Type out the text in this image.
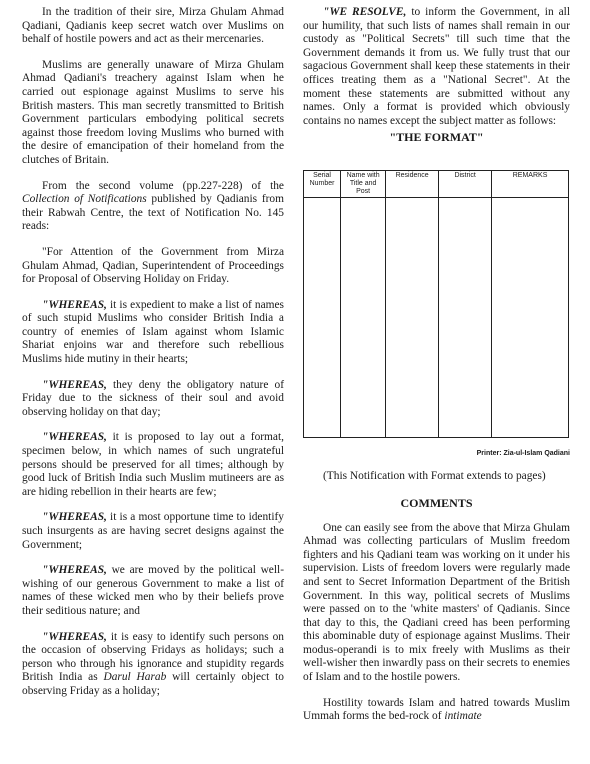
In the tradition of their sire, Mirza Ghulam Ahmad Qadiani, Qadianis keep secret watch over Muslims on behalf of hostile powers and act as their mercenaries.

Muslims are generally unaware of Mirza Ghulam Ahmad Qadiani's treachery against Islam when he carried out espionage against Muslims to serve his British masters. This man secretly transmitted to British Government particulars embodying political secrets against those freedom loving Muslims who burned with the desire of emancipation of their homeland from the clutches of Britain.

From the second volume (pp.227-228) of the Collection of Notifications published by Qadianis from their Rabwah Centre, the text of Notification No. 145 reads:

"For Attention of the Government from Mirza Ghulam Ahmad, Qadian, Superintendent of Proceedings for Proposal of Observing Holiday on Friday.

"WHEREAS, it is expedient to make a list of names of such stupid Muslims who consider British India a country of enemies of Islam against whom Islamic Shariat enjoins war and therefore such rebellious Muslims hide mutiny in their hearts;

"WHEREAS, they deny the obligatory nature of Friday due to the sickness of their soul and avoid observing holiday on that day;

"WHEREAS, it is proposed to lay out a format, specimen below, in which names of such ungrateful persons should be preserved for all times; although by good luck of British India such Muslim mutineers are as are hiding rebellion in their hearts are few;

"WHEREAS, it is a most opportune time to identify such insurgents as are having secret designs against the Government;

"WHEREAS, we are moved by the political well-wishing of our generous Government to make a list of names of these wicked men who by their beliefs prove their seditious nature; and

"WHEREAS, it is easy to identify such persons on the occasion of observing Fridays as holidays; such a person who through his ignorance and stupidity regards British India as Darul Harab will certainly object to observing Friday as a holiday;

"WE RESOLVE, to inform the Government, in all our humility, that such lists of names shall remain in our custody as "Political Secrets" till such time that the Government demands it from us. We fully trust that our sagacious Government shall keep these statements in their offices treating them as a "National Secret". At the moment these statements are submitted without any names. Only a format is provided which obviously contains no names except the subject matter as follows:

"THE FORMAT"

Serial Number	Name with Title and Post	Residence	District	REMARKS

Printer: Zia-ul-Islam Qadiani

(This Notification with Format extends to pages)

COMMENTS

One can easily see from the above that Mirza Ghulam Ahmad was collecting particulars of Muslim freedom fighters and his Qadiani team was working on it under his supervision. Lists of freedom lovers were regularly made and sent to Secret Information Department of the British Government. In this way, political secrets of Muslims were passed on to the 'white masters' of Qadianis. Since that day to this, the Qadiani creed has been performing this abominable duty of espionage against Muslims. Their modus-operandi is to mix freely with Muslims as their well-wisher then inwardly pass on their secrets to enemies of Islam and to the hostile powers.

Hostility towards Islam and hatred towards Muslim Ummah forms the bed-rock of intimate
